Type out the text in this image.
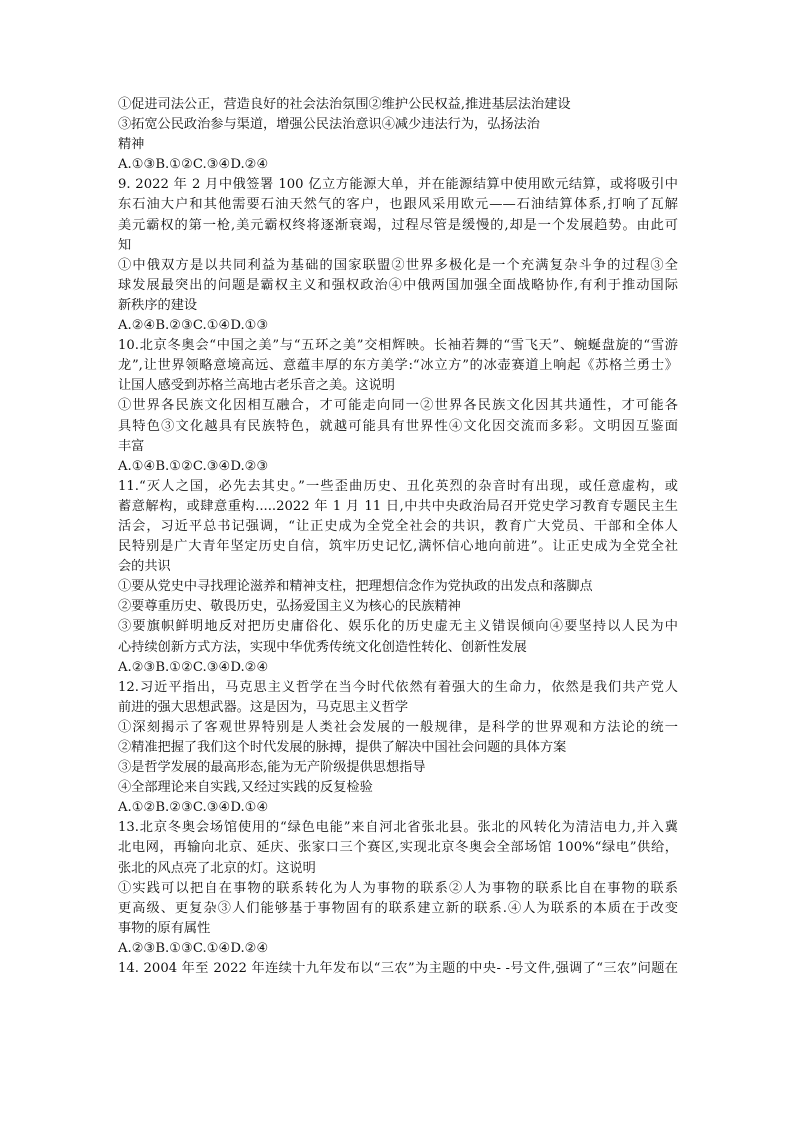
①促进司法公正，营造良好的社会法治氛围②维护公民权益,推进基层法治建设
③拓宽公民政治参与渠道，增强公民法治意识④减少违法行为，弘扬法治
精神
A.①③B.①②C.③④D.②④
9. 2022 年 2 月中俄签署 100 亿立方能源大单，并在能源结算中使用欧元结算，或将吸引中
东石油大户和其他需要石油天然气的客户，也跟风采用欧元——石油结算体系,打响了瓦解
美元霸权的第一枪,美元霸权终将逐渐衰竭，过程尽管是缓慢的,却是一个发展趋势。由此可
知
①中俄双方是以共同利益为基础的国家联盟②世界多极化是一个充满复杂斗争的过程③全
球发展最突出的问题是霸权主义和强权政治④中俄两国加强全面战略协作,有利于推动国际
新秩序的建设
A.②④B.②③C.①④D.①③
10.北京冬奥会“中国之美”与“五环之美”交相辉映。长袖若舞的“雪飞天”、蜿蜒盘旋的“雪游
龙”,让世界领略意境高远、意蕴丰厚的东方美学:“冰立方”的冰壶赛道上响起《苏格兰勇士》
让国人感受到苏格兰高地古老乐音之美。这说明
①世界各民族文化因相互融合，才可能走向同一②世界各民族文化因其共通性，才可能各
具特色③文化越具有民族特色，就越可能具有世界性④文化因交流而多彩。文明因互鉴面
丰富
A.①④B.①②C.③④D.②③
11.“灭人之国，必先去其史。”一些歪曲历史、丑化英烈的杂音时有出现，或任意虚构，或
蓄意解构，或肆意重构.....2022 年 1 月 11 日,中共中央政治局召开党史学习教育专题民主生
活会，习近平总书记强调，“让正史成为全党全社会的共识，教育广大党员、干部和全体人
民特别是广大青年坚定历史自信，筑牢历史记忆,满怀信心地向前进”。让正史成为全党全社
会的共识
①要从党史中寻找理论滋养和精神支柱，把理想信念作为党执政的出发点和落脚点
②要尊重历史、敬畏历史，弘扬爱国主义为核心的民族精神
③要旗帜鲜明地反对把历史庸俗化、娱乐化的历史虚无主义错误倾向④要坚持以人民为中
心持续创新方式方法，实现中华优秀传统文化创造性转化、创新性发展
A.②③B.①②C.③④D.②④
12.习近平指出，马克思主义哲学在当今时代依然有着强大的生命力，依然是我们共产党人
前进的强大思想武器。这是因为，马克思主义哲学
①深刻揭示了客观世界特别是人类社会发展的一般规律，是科学的世界观和方法论的统一
②精准把握了我们这个时代发展的脉搏，提供了解决中国社会问题的具体方案
③是哲学发展的最高形态,能为无产阶级提供思想指导
④全部理论来自实践,又经过实践的反复检验
A.①②B.②③C.③④D.①④
13.北京冬奥会场馆使用的“绿色电能”来自河北省张北县。张北的风转化为清洁电力,并入冀
北电网，再输向北京、延庆、张家口三个赛区,实现北京冬奥会全部场馆 100%“绿电”供给，
张北的风点亮了北京的灯。这说明
①实践可以把自在事物的联系转化为人为事物的联系②人为事物的联系比自在事物的联系
更高级、更复杂③人们能够基于事物固有的联系建立新的联系.④人为联系的本质在于改变
事物的原有属性
A.②③B.①③C.①④D.②④
14. 2004 年至 2022 年连续十九年发布以“三农”为主题的中央- -号文件,强调了“三农”问题在
